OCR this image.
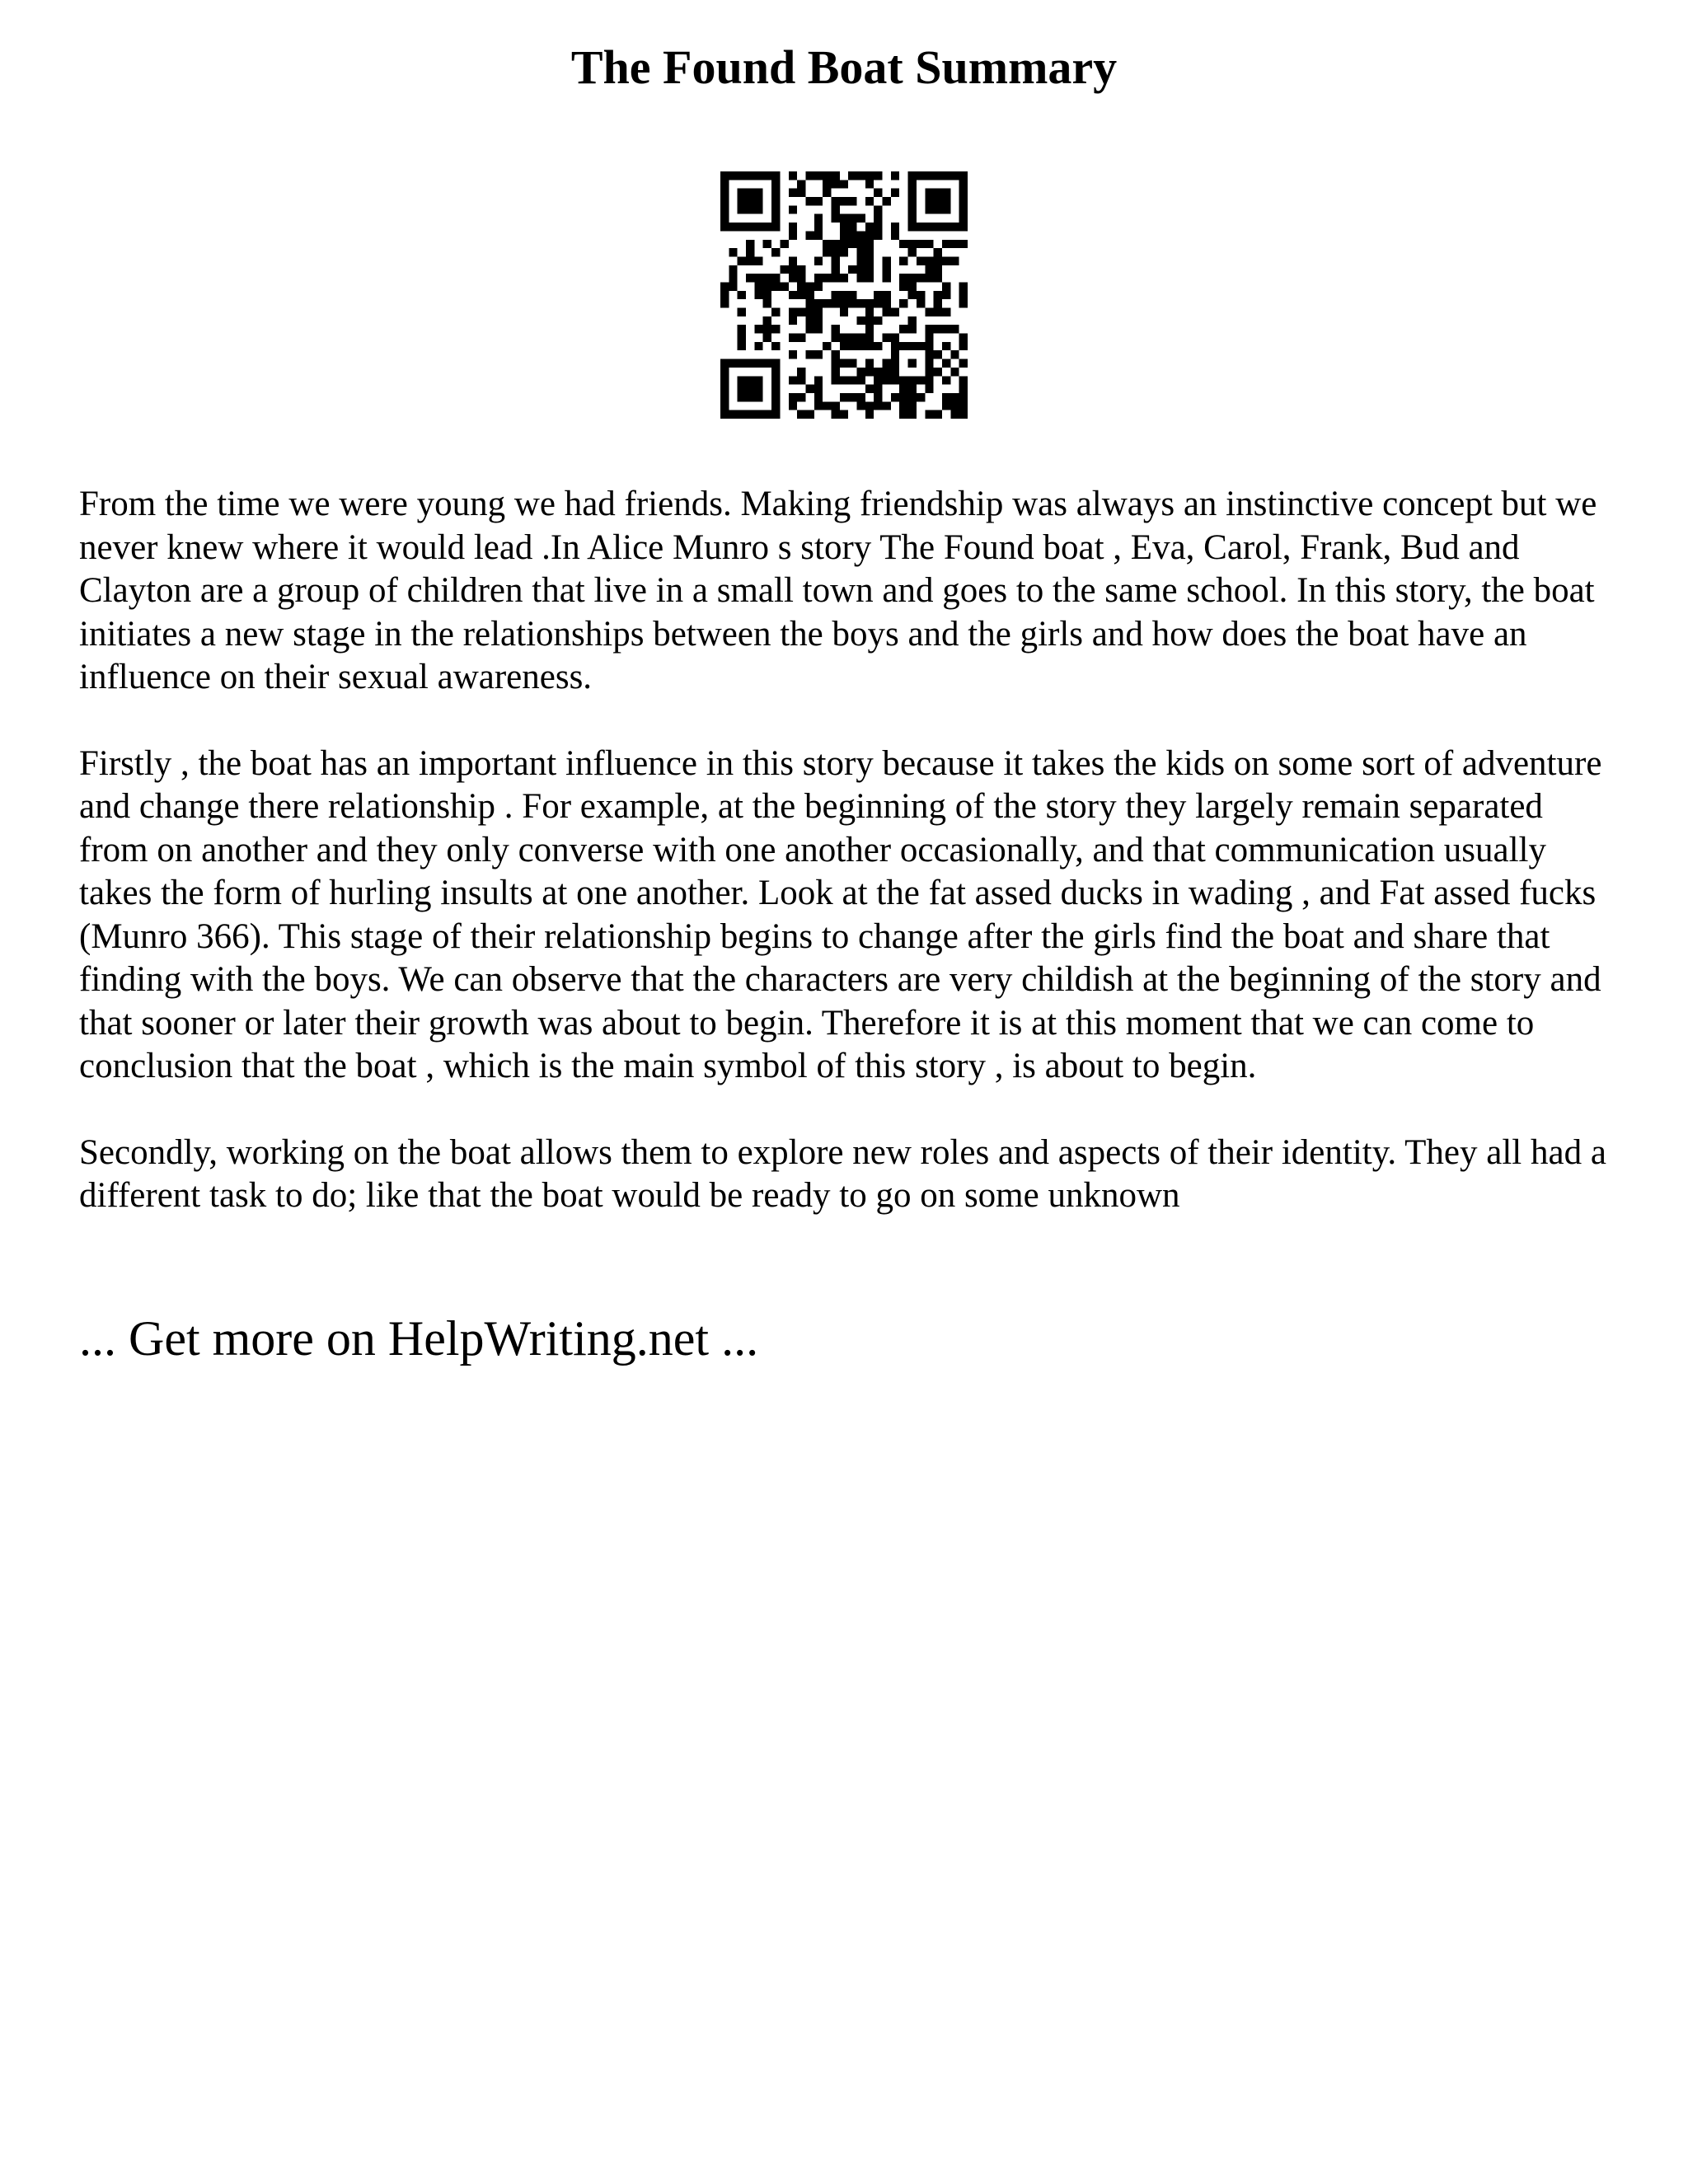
The Found Boat Summary

From the time we were young we had friends. Making friendship was always an instinctive concept but we never knew where it would lead .In Alice Munro s story The Found boat , Eva, Carol, Frank, Bud and Clayton are a group of children that live in a small town and goes to the same school. In this story, the boat initiates a new stage in the relationships between the boys and the girls and how does the boat have an influence on their sexual awareness.

Firstly , the boat has an important influence in this story because it takes the kids on some sort of adventure and change there relationship . For example, at the beginning of the story they largely remain separated from on another and they only converse with one another occasionally, and that communication usually takes the form of hurling insults at one another. Look at the fat assed ducks in wading , and Fat assed fucks (Munro 366). This stage of their relationship begins to change after the girls find the boat and share that finding with the boys. We can observe that the characters are very childish at the beginning of the story and that sooner or later their growth was about to begin. Therefore it is at this moment that we can come to conclusion that the boat , which is the main symbol of this story , is about to begin.

Secondly, working on the boat allows them to explore new roles and aspects of their identity. They all had a different task to do; like that the boat would be ready to go on some unknown

... Get more on HelpWriting.net ...
